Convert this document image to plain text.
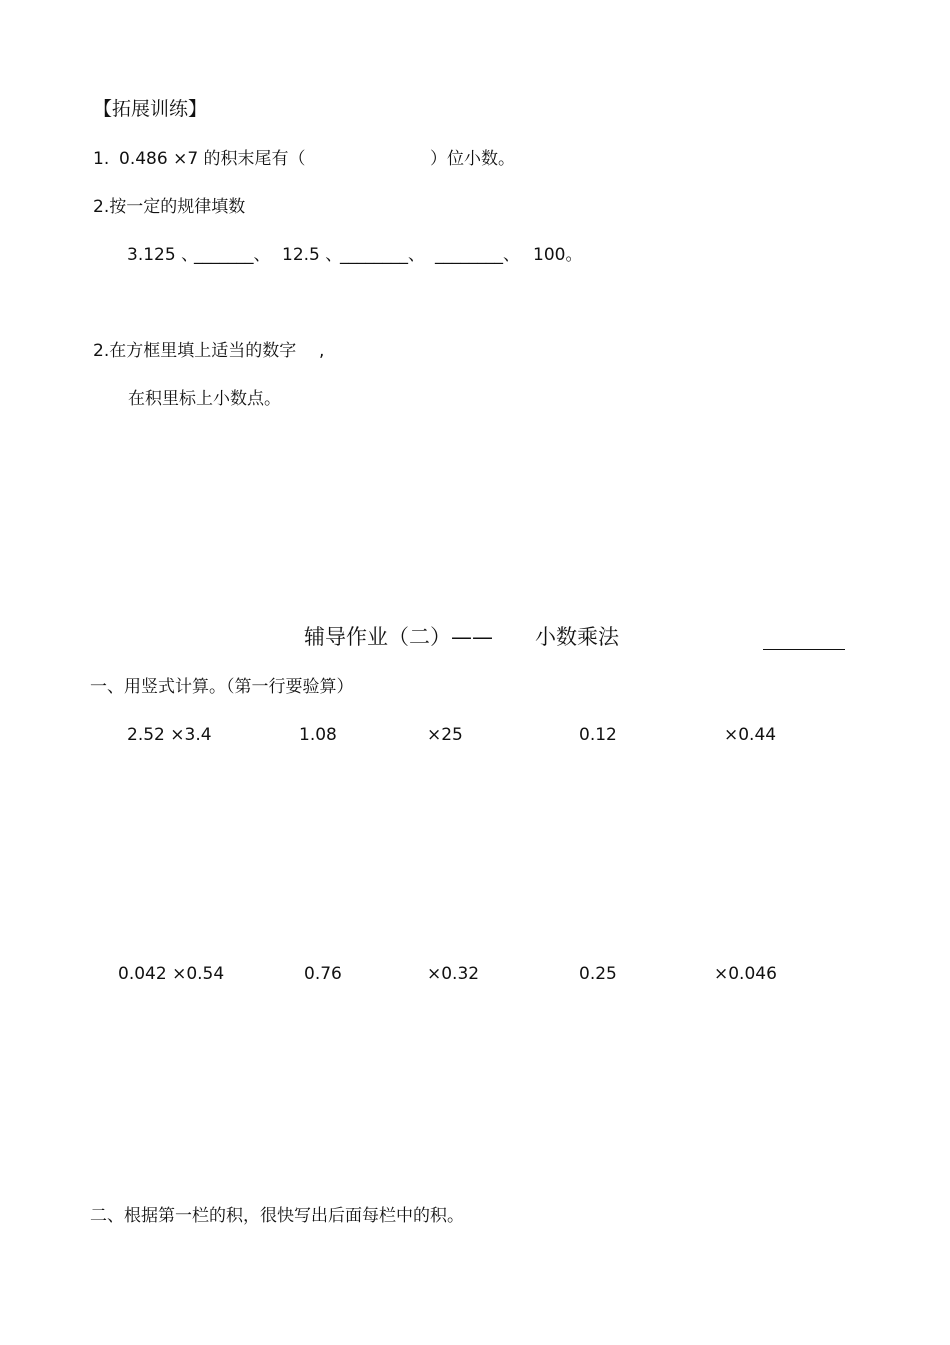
【拓展训练】
1. 0.486 ×7 的积末尾有（	）位小数。
2.按一定的规律填数
3.125 、
_______、 12.5 、
________、 ________、 100。
2.在方框里填上适当的数字 ,
在积里标上小数点。
辅导作业（二）—— 小数乘法
一、用竖式计算。（第一行要验算）
2.52 ×3.4	1.08	×25	0.12	×0.44
0.042 ×0.54	0.76	×0.32	0.25	×0.046
二、根据第一栏的积，很快写出后面每栏中的积。
